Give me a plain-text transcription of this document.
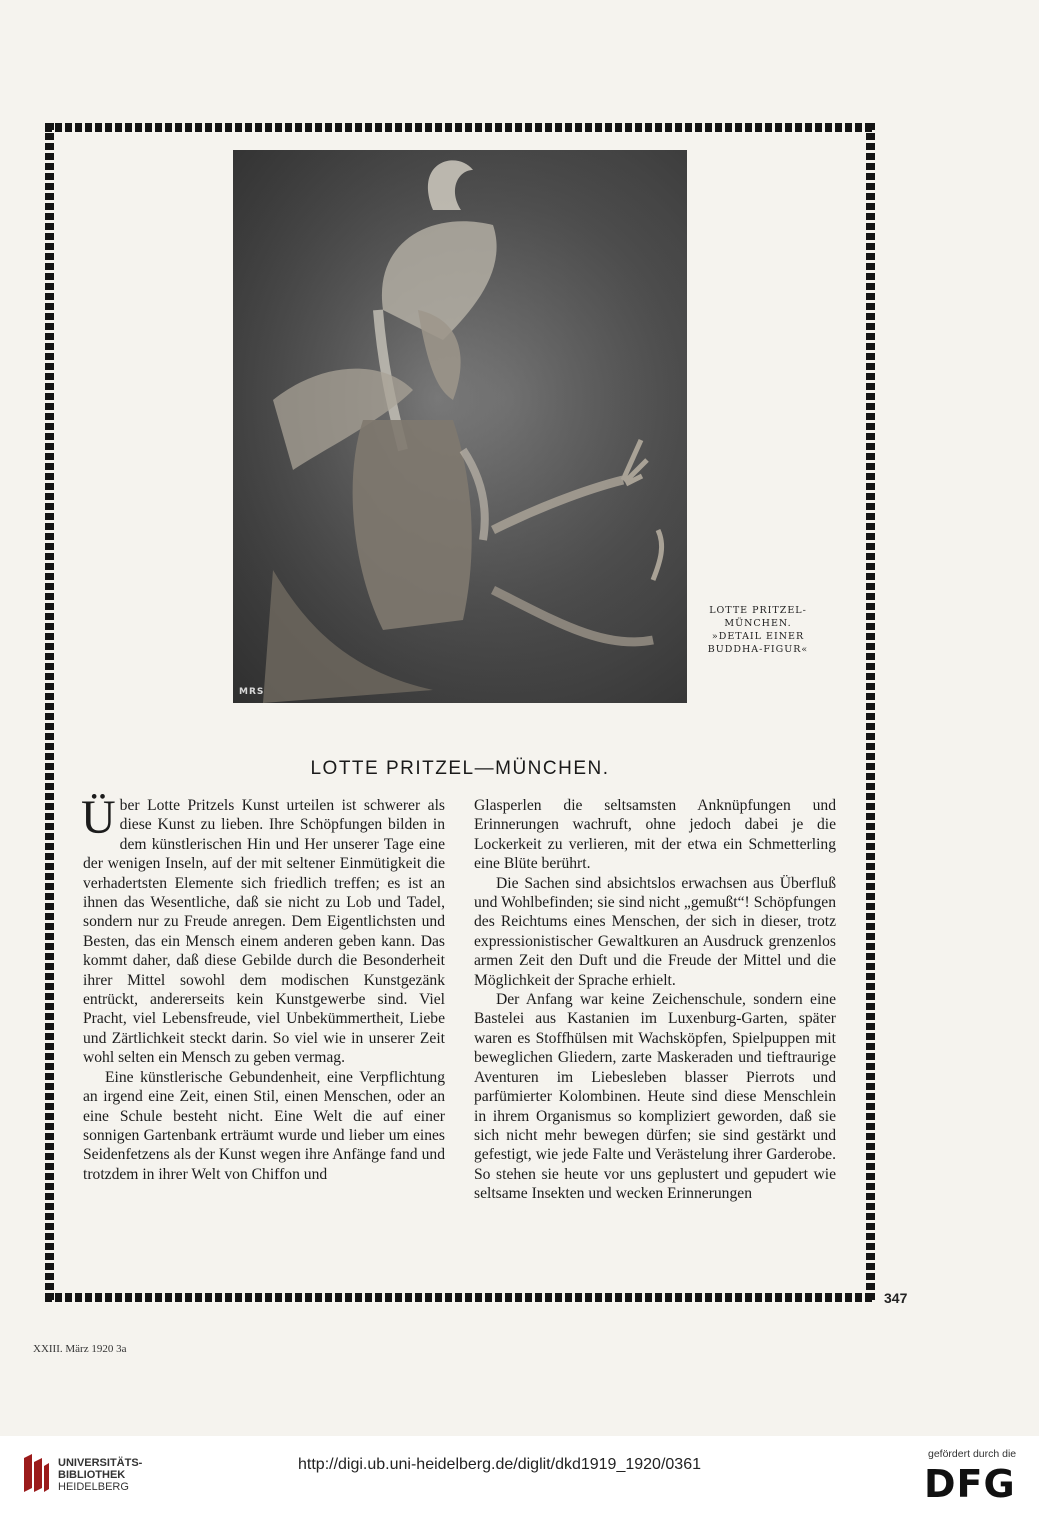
MRS
LOTTE PRITZEL-
MÜNCHEN.
»DETAIL EINER
BUDDHA-FIGUR«
LOTTE PRITZEL—MÜNCHEN.

Über Lotte Pritzels Kunst urteilen ist schwerer als diese Kunst zu lieben. Ihre Schöpfungen bilden in dem künstlerischen Hin und Her unserer Tage eine der wenigen Inseln, auf der mit seltener Einmütigkeit die verhadertsten Elemente sich friedlich treffen; es ist an ihnen das Wesentliche, daß sie nicht zu Lob und Tadel, sondern nur zu Freude anregen. Dem Eigentlichsten und Besten, das ein Mensch einem anderen geben kann. Das kommt daher, daß diese Gebilde durch die Besonderheit ihrer Mittel sowohl dem modischen Kunstgezänk entrückt, andererseits kein Kunstgewerbe sind. Viel Pracht, viel Lebensfreude, viel Unbekümmertheit, Liebe und Zärtlichkeit steckt darin. So viel wie in unserer Zeit wohl selten ein Mensch zu geben vermag.

Eine künstlerische Gebundenheit, eine Verpflichtung an irgend eine Zeit, einen Stil, einen Menschen, oder an eine Schule besteht nicht. Eine Welt die auf einer sonnigen Gartenbank erträumt wurde und lieber um eines Seidenfetzens als der Kunst wegen ihre Anfänge fand und trotzdem in ihrer Welt von Chiffon und

Glasperlen die seltsamsten Anknüpfungen und Erinnerungen wachruft, ohne jedoch dabei je die Lockerkeit zu verlieren, mit der etwa ein Schmetterling eine Blüte berührt.

Die Sachen sind absichtslos erwachsen aus Überfluß und Wohlbefinden; sie sind nicht „gemußt“! Schöpfungen des Reichtums eines Menschen, der sich in dieser, trotz expressionistischer Gewaltkuren an Ausdruck grenzenlos armen Zeit den Duft und die Freude der Mittel und die Möglichkeit der Sprache erhielt.

Der Anfang war keine Zeichenschule, sondern eine Bastelei aus Kastanien im Luxenburg-Garten, später waren es Stoffhülsen mit Wachsköpfen, Spielpuppen mit beweglichen Gliedern, zarte Maskeraden und tieftraurige Aventuren im Liebesleben blasser Pierrots und parfümierter Kolombinen. Heute sind diese Menschlein in ihrem Organismus so kompliziert geworden, daß sie sich nicht mehr bewegen dürfen; sie sind gestärkt und gefestigt, wie jede Falte und Verästelung ihrer Garderobe. So stehen sie heute vor uns geplustert und gepudert wie seltsame Insekten und wecken Erinnerungen

347
XXIII. März 1920 3a
UNIVERSITÄTS-
BIBLIOTHEK
HEIDELBERG
http://digi.ub.uni-heidelberg.de/diglit/dkd1919_1920/0361
gefördert durch die
DFG
